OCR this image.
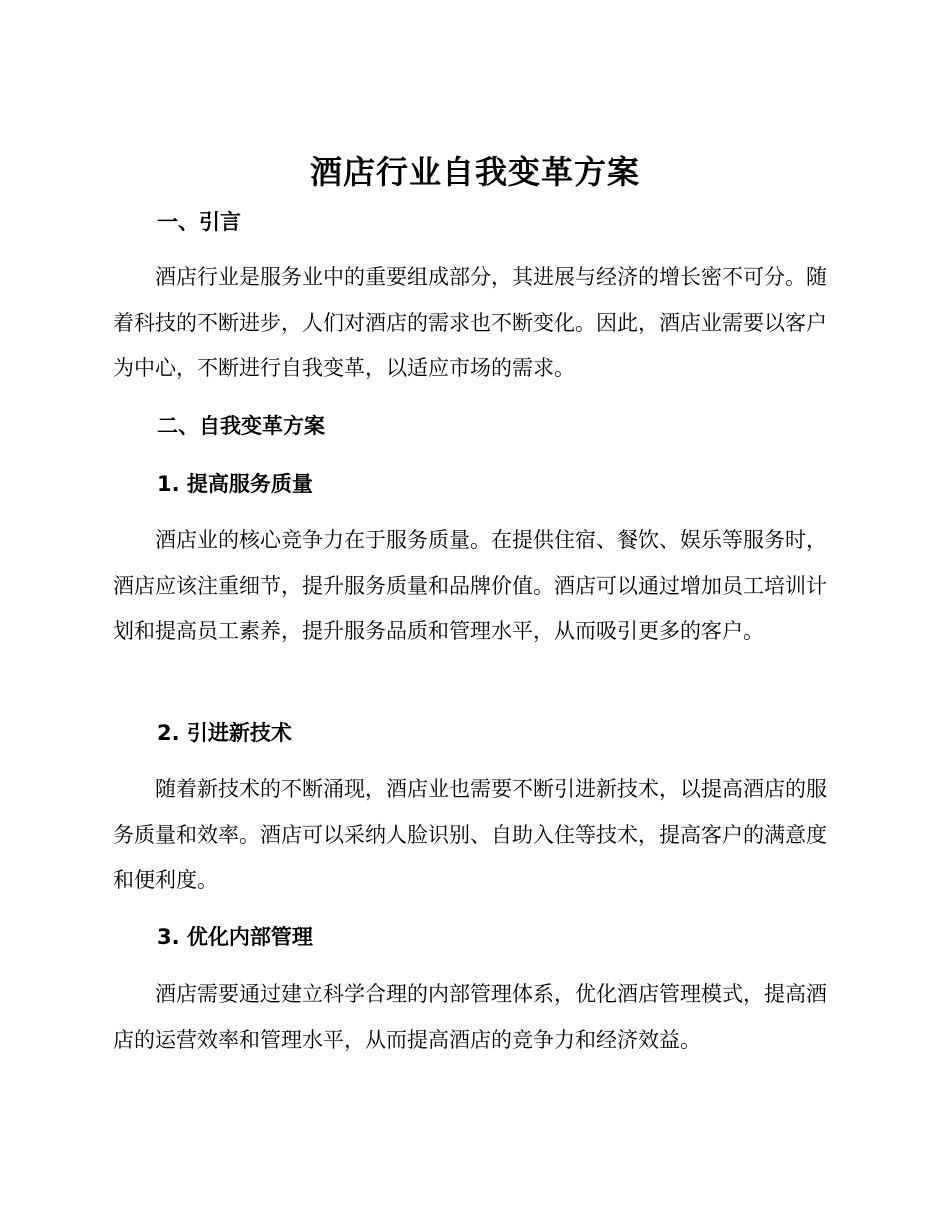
酒店行业自我变革方案
一、引言

酒店行业是服务业中的重要组成部分，其进展与经济的增长密不可分。随着科技的不断进步，人们对酒店的需求也不断变化。因此，酒店业需要以客户为中心，不断进行自我变革，以适应市场的需求。

二、自我变革方案
1. 提高服务质量

酒店业的核心竞争力在于服务质量。在提供住宿、餐饮、娱乐等服务时，酒店应该注重细节，提升服务质量和品牌价值。酒店可以通过增加员工培训计划和提高员工素养，提升服务品质和管理水平，从而吸引更多的客户。

2. 引进新技术

随着新技术的不断涌现，酒店业也需要不断引进新技术，以提高酒店的服务质量和效率。酒店可以采纳人脸识别、自助入住等技术，提高客户的满意度和便利度。

3. 优化内部管理

酒店需要通过建立科学合理的内部管理体系，优化酒店管理模式，提高酒店的运营效率和管理水平，从而提高酒店的竞争力和经济效益。
